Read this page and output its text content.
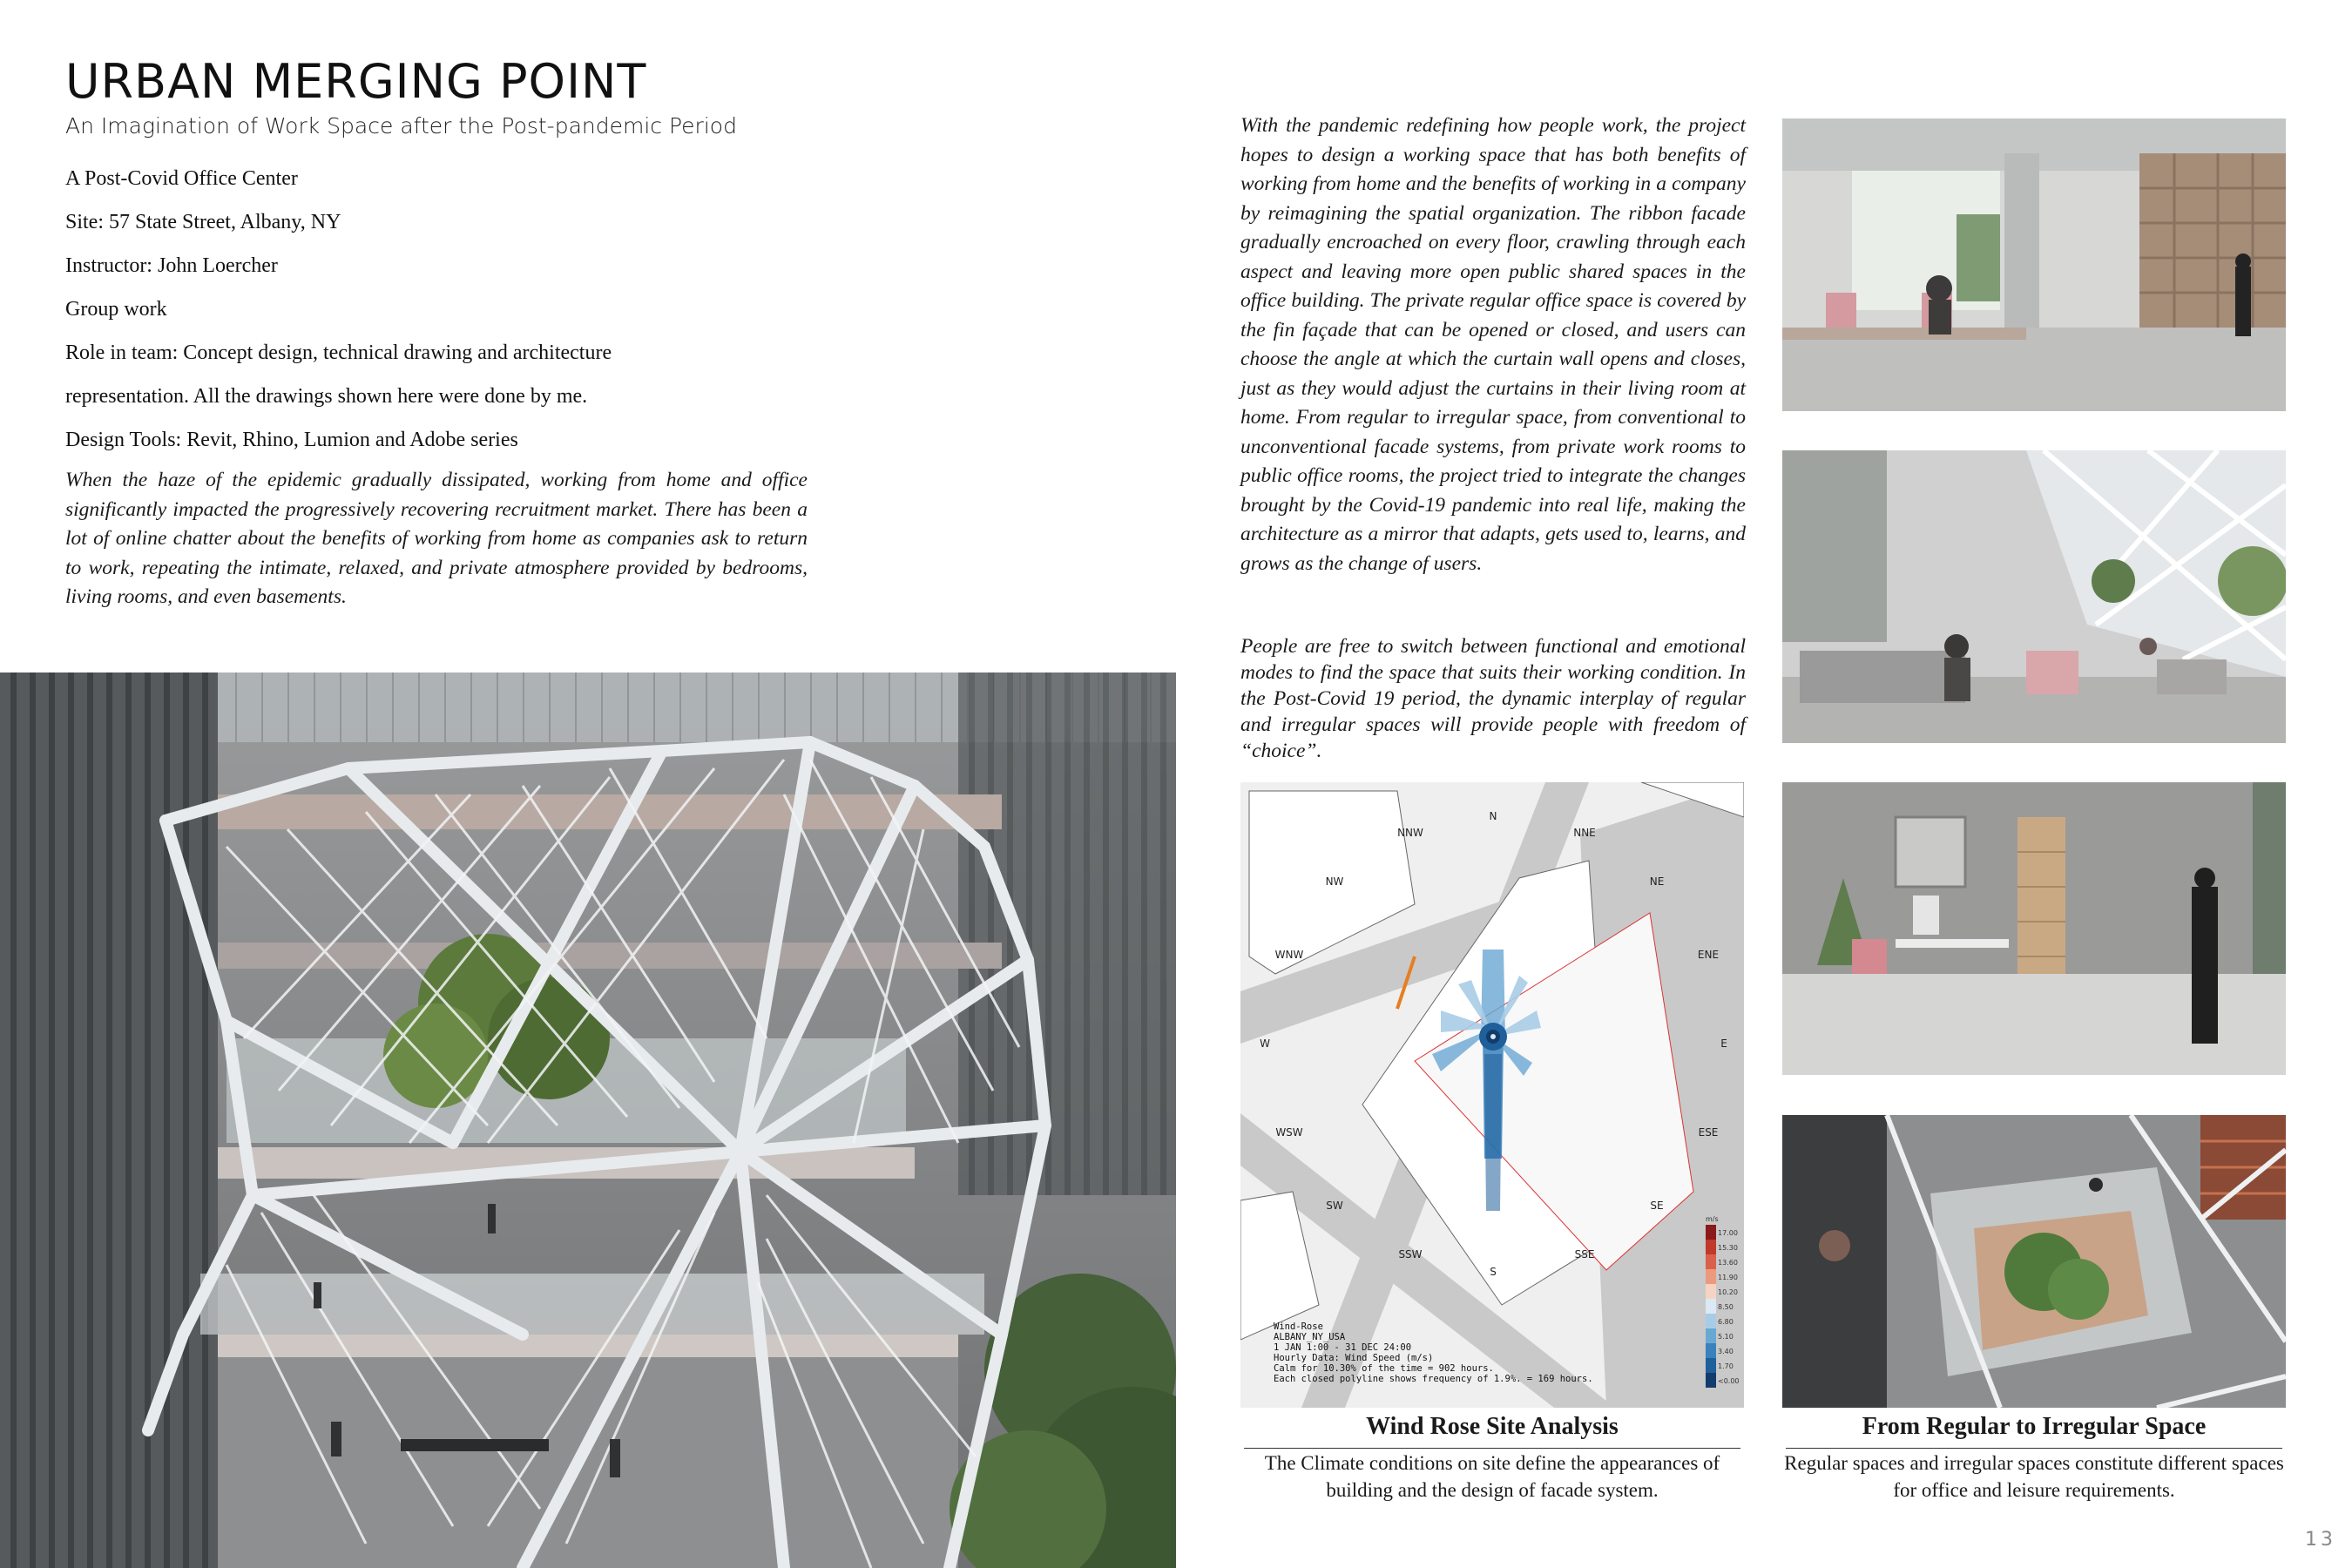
URBAN MERGING POINT
An Imagination of Work Space after the Post-pandemic Period
A Post-Covid Office Center
Site: 57 State Street, Albany, NY
Instructor: John Loercher
Group work
Role in team: Concept design, technical drawing and architecture
representation. All the drawings shown here were done by me.
Design Tools: Revit, Rhino, Lumion and Adobe series

When the haze of the epidemic gradually dissipated, working from home and office significantly impacted the progressively recovering recruitment market. There has been a lot of online chatter about the benefits of working from home as companies ask to return to work, repeating the intimate, relaxed, and private atmosphere provided by bedrooms, living rooms, and even basements.

With the pandemic redefining how people work, the project hopes to design a working space that has both benefits of working from home and the benefits of working in a company by reimagining the spatial organization. The ribbon facade gradually encroached on every floor, crawling through each aspect and leaving more open public shared spaces in the office building. The private regular office space is covered by the fin façade that can be opened or closed, and users can choose the angle at which the curtain wall opens and closes, just as they would adjust the curtains in their living room at home. From regular to irregular space, from conventional to unconventional facade systems, from private work rooms to public office rooms, the project tried to integrate the changes brought by the Covid-19 pandemic into real life, making the architecture as a mirror that adapts, gets used to, learns, and grows as the change of users.

People are free to switch between functional and emotional modes to find the space that suits their working condition. In the Post-Covid 19 period, the dynamic interplay of regular and irregular spaces will provide people with freedom of “choice”.

N
NNE
NE
ENE
E
ESE
SE
SSE
S
SSW
SW
WSW
W
WNW
NW
NNW
m/s
17.00
15.30
13.60
11.90
10.20
8.50
6.80
5.10
3.40
1.70
<0.00
Wind-Rose
ALBANY_NY_USA
1 JAN 1:00 - 31 DEC 24:00
Hourly Data: Wind Speed (m/s)
Calm for 10.30% of the time = 902 hours.
Each closed polyline shows frequency of 1.9%. = 169 hours.
Wind Rose Site Analysis
The Climate conditions on site define the appearances of building and the design of facade system.
From Regular to Irregular Space
Regular spaces and irregular spaces constitute different spaces for office and leisure requirements.
13
